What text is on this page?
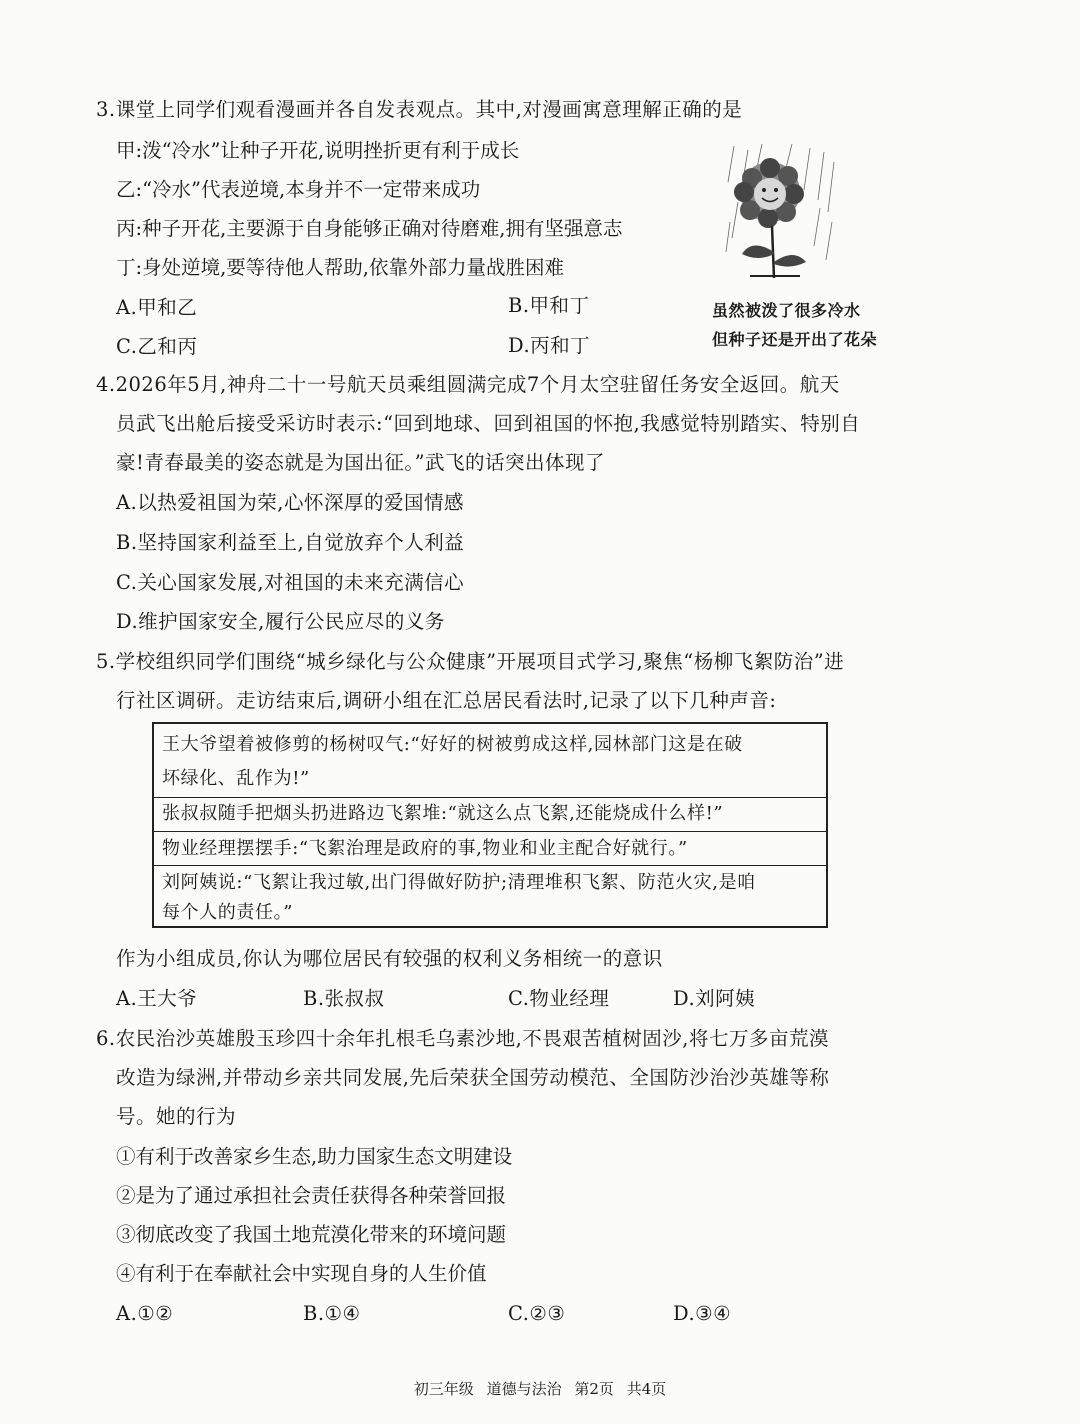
3.课堂上同学们观看漫画并各自发表观点。其中,对漫画寓意理解正确的是
甲:泼“冷水”让种子开花,说明挫折更有利于成长
乙:“冷水”代表逆境,本身并不一定带来成功
丙:种子开花,主要源于自身能够正确对待磨难,拥有坚强意志
丁:身处逆境,要等待他人帮助,依靠外部力量战胜困难
A.甲和乙	B.甲和丁
C.乙和丙	D.丙和丁
虽然被泼了很多冷水
但种子还是开出了花朵
4.2026年5月,神舟二十一号航天员乘组圆满完成7个月太空驻留任务安全返回。航天
员武飞出舱后接受采访时表示:“回到地球、回到祖国的怀抱,我感觉特别踏实、特别自
豪!青春最美的姿态就是为国出征。”武飞的话突出体现了
A.以热爱祖国为荣,心怀深厚的爱国情感
B.坚持国家利益至上,自觉放弃个人利益
C.关心国家发展,对祖国的未来充满信心
D.维护国家安全,履行公民应尽的义务
5.学校组织同学们围绕“城乡绿化与公众健康”开展项目式学习,聚焦“杨柳飞絮防治”进
行社区调研。走访结束后,调研小组在汇总居民看法时,记录了以下几种声音:
王大爷望着被修剪的杨树叹气:“好好的树被剪成这样,园林部门这是在破
坏绿化、乱作为!”
张叔叔随手把烟头扔进路边飞絮堆:“就这么点飞絮,还能烧成什么样!”
物业经理摆摆手:“飞絮治理是政府的事,物业和业主配合好就行。”
刘阿姨说:“飞絮让我过敏,出门得做好防护;清理堆积飞絮、防范火灾,是咱
每个人的责任。”
作为小组成员,你认为哪位居民有较强的权利义务相统一的意识
A.王大爷	B.张叔叔	C.物业经理	D.刘阿姨
6.农民治沙英雄殷玉珍四十余年扎根毛乌素沙地,不畏艰苦植树固沙,将七万多亩荒漠
改造为绿洲,并带动乡亲共同发展,先后荣获全国劳动模范、全国防沙治沙英雄等称
号。她的行为
①有利于改善家乡生态,助力国家生态文明建设
②是为了通过承担社会责任获得各种荣誉回报
③彻底改变了我国土地荒漠化带来的环境问题
④有利于在奉献社会中实现自身的人生价值
A.①②	B.①④	C.②③	D.③④
初三年级 道德与法治 第2页 共4页
